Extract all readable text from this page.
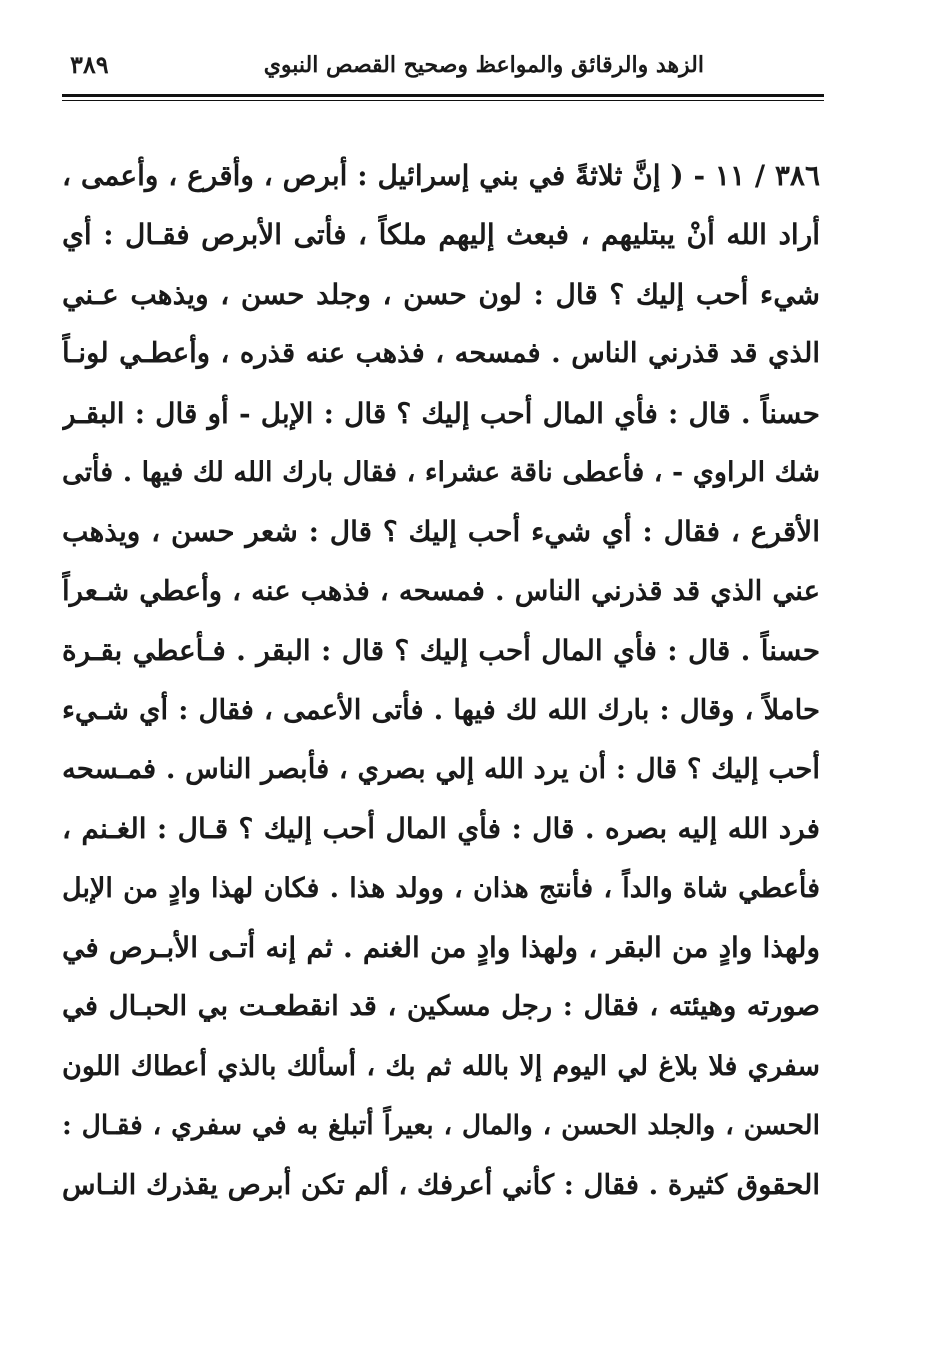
الزهد والرقائق والمواعظ وصحيح القصص النبوي
٣٨٩
٣٨٦ / ١١ - ( إنَّ ثلاثةً في بني إسرائيل : أبرص ، وأقرع ، وأعمى ،
أراد الله أنْ يبتليهم ، فبعث إليهم ملكاً ، فأتى الأبرص فقـال : أي
شيء أحب إليك ؟ قال : لون حسن ، وجلد حسن ، ويذهب عـني
الذي قد قذرني الناس . فمسحه ، فذهب عنه قذره ، وأعطـي لونـاً
حسناً . قال : فأي المال أحب إليك ؟ قال : الإبل - أو قال : البقـر
شك الراوي - ، فأعطى ناقة عشراء ، فقال بارك الله لك فيها . فأتى
الأقرع ، فقال : أي شيء أحب إليك ؟ قال : شعر حسن ، ويذهب
عني الذي قد قذرني الناس . فمسحه ، فذهب عنه ، وأعطي شـعراً
حسناً . قال : فأي المال أحب إليك ؟ قال : البقر . فـأعطي بقـرة
حاملاً ، وقال : بارك الله لك فيها . فأتى الأعمى ، فقال : أي شـيء
أحب إليك ؟ قال : أن يرد الله إلي بصري ، فأبصر الناس . فمـسحه
فرد الله إليه بصره . قال : فأي المال أحب إليك ؟ قـال : الغـنم ،
فأعطي شاة والداً ، فأنتج هذان ، وولد هذا . فكان لهذا وادٍ من الإبل
ولهذا وادٍ من البقر ، ولهذا وادٍ من الغنم . ثم إنه أتـى الأبـرص في
صورته وهيئته ، فقال : رجل مسكين ، قد انقطعـت بي الحبـال في
سفري فلا بلاغ لي اليوم إلا بالله ثم بك ، أسألك بالذي أعطاك اللون
الحسن ، والجلد الحسن ، والمال ، بعيراً أتبلغ به في سفري ، فقـال :
الحقوق كثيرة . فقال : كأني أعرفك ، ألم تكن أبرص يقذرك النـاس
